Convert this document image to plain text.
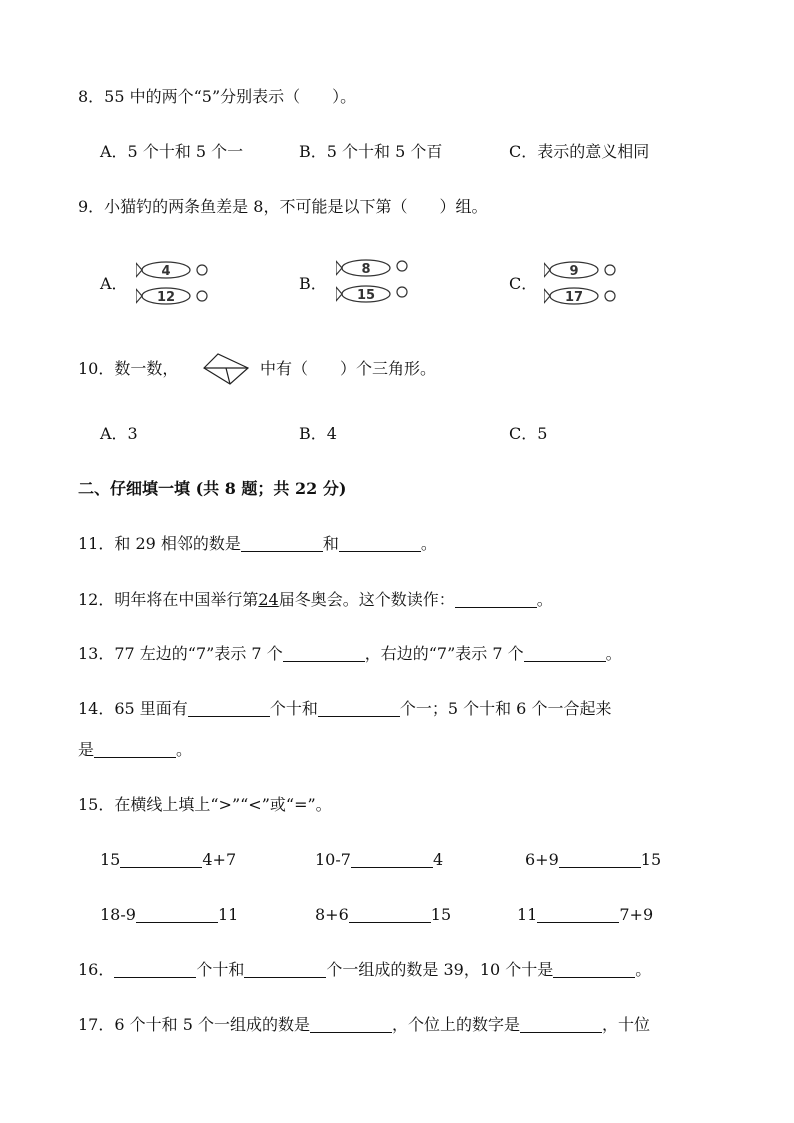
8．55 中的两个“5”分别表示（　　）。
A．5 个十和 5 个一	B．5 个十和 5 个百	C．表示的意义相同
9．小猫钓的两条鱼差是 8，不可能是以下第（　　）组。
A．
4
12
B．
8
15
C．
9
17
10．数一数，	中有（　　）个三角形。
A．3	B．4	C．5
二、仔细填一填 (共 8 题；共 22 分)
11．和 29 相邻的数是	和	。
12．明年将在中国举行第24届冬奥会。这个数读作：	。
13．77 左边的“7”表示 7 个	，右边的“7”表示 7 个	。
14．65 里面有	个十和	个一；5 个十和 6 个一合起来
是	。
15．在横线上填上“>”“<”或“=”。
15	4+7	10-7	4	6+9	15
18-9	11	8+6	15	11	7+9
16．	个十和	个一组成的数是 39，10 个十是	。
17．6 个十和 5 个一组成的数是	，个位上的数字是	，十位
